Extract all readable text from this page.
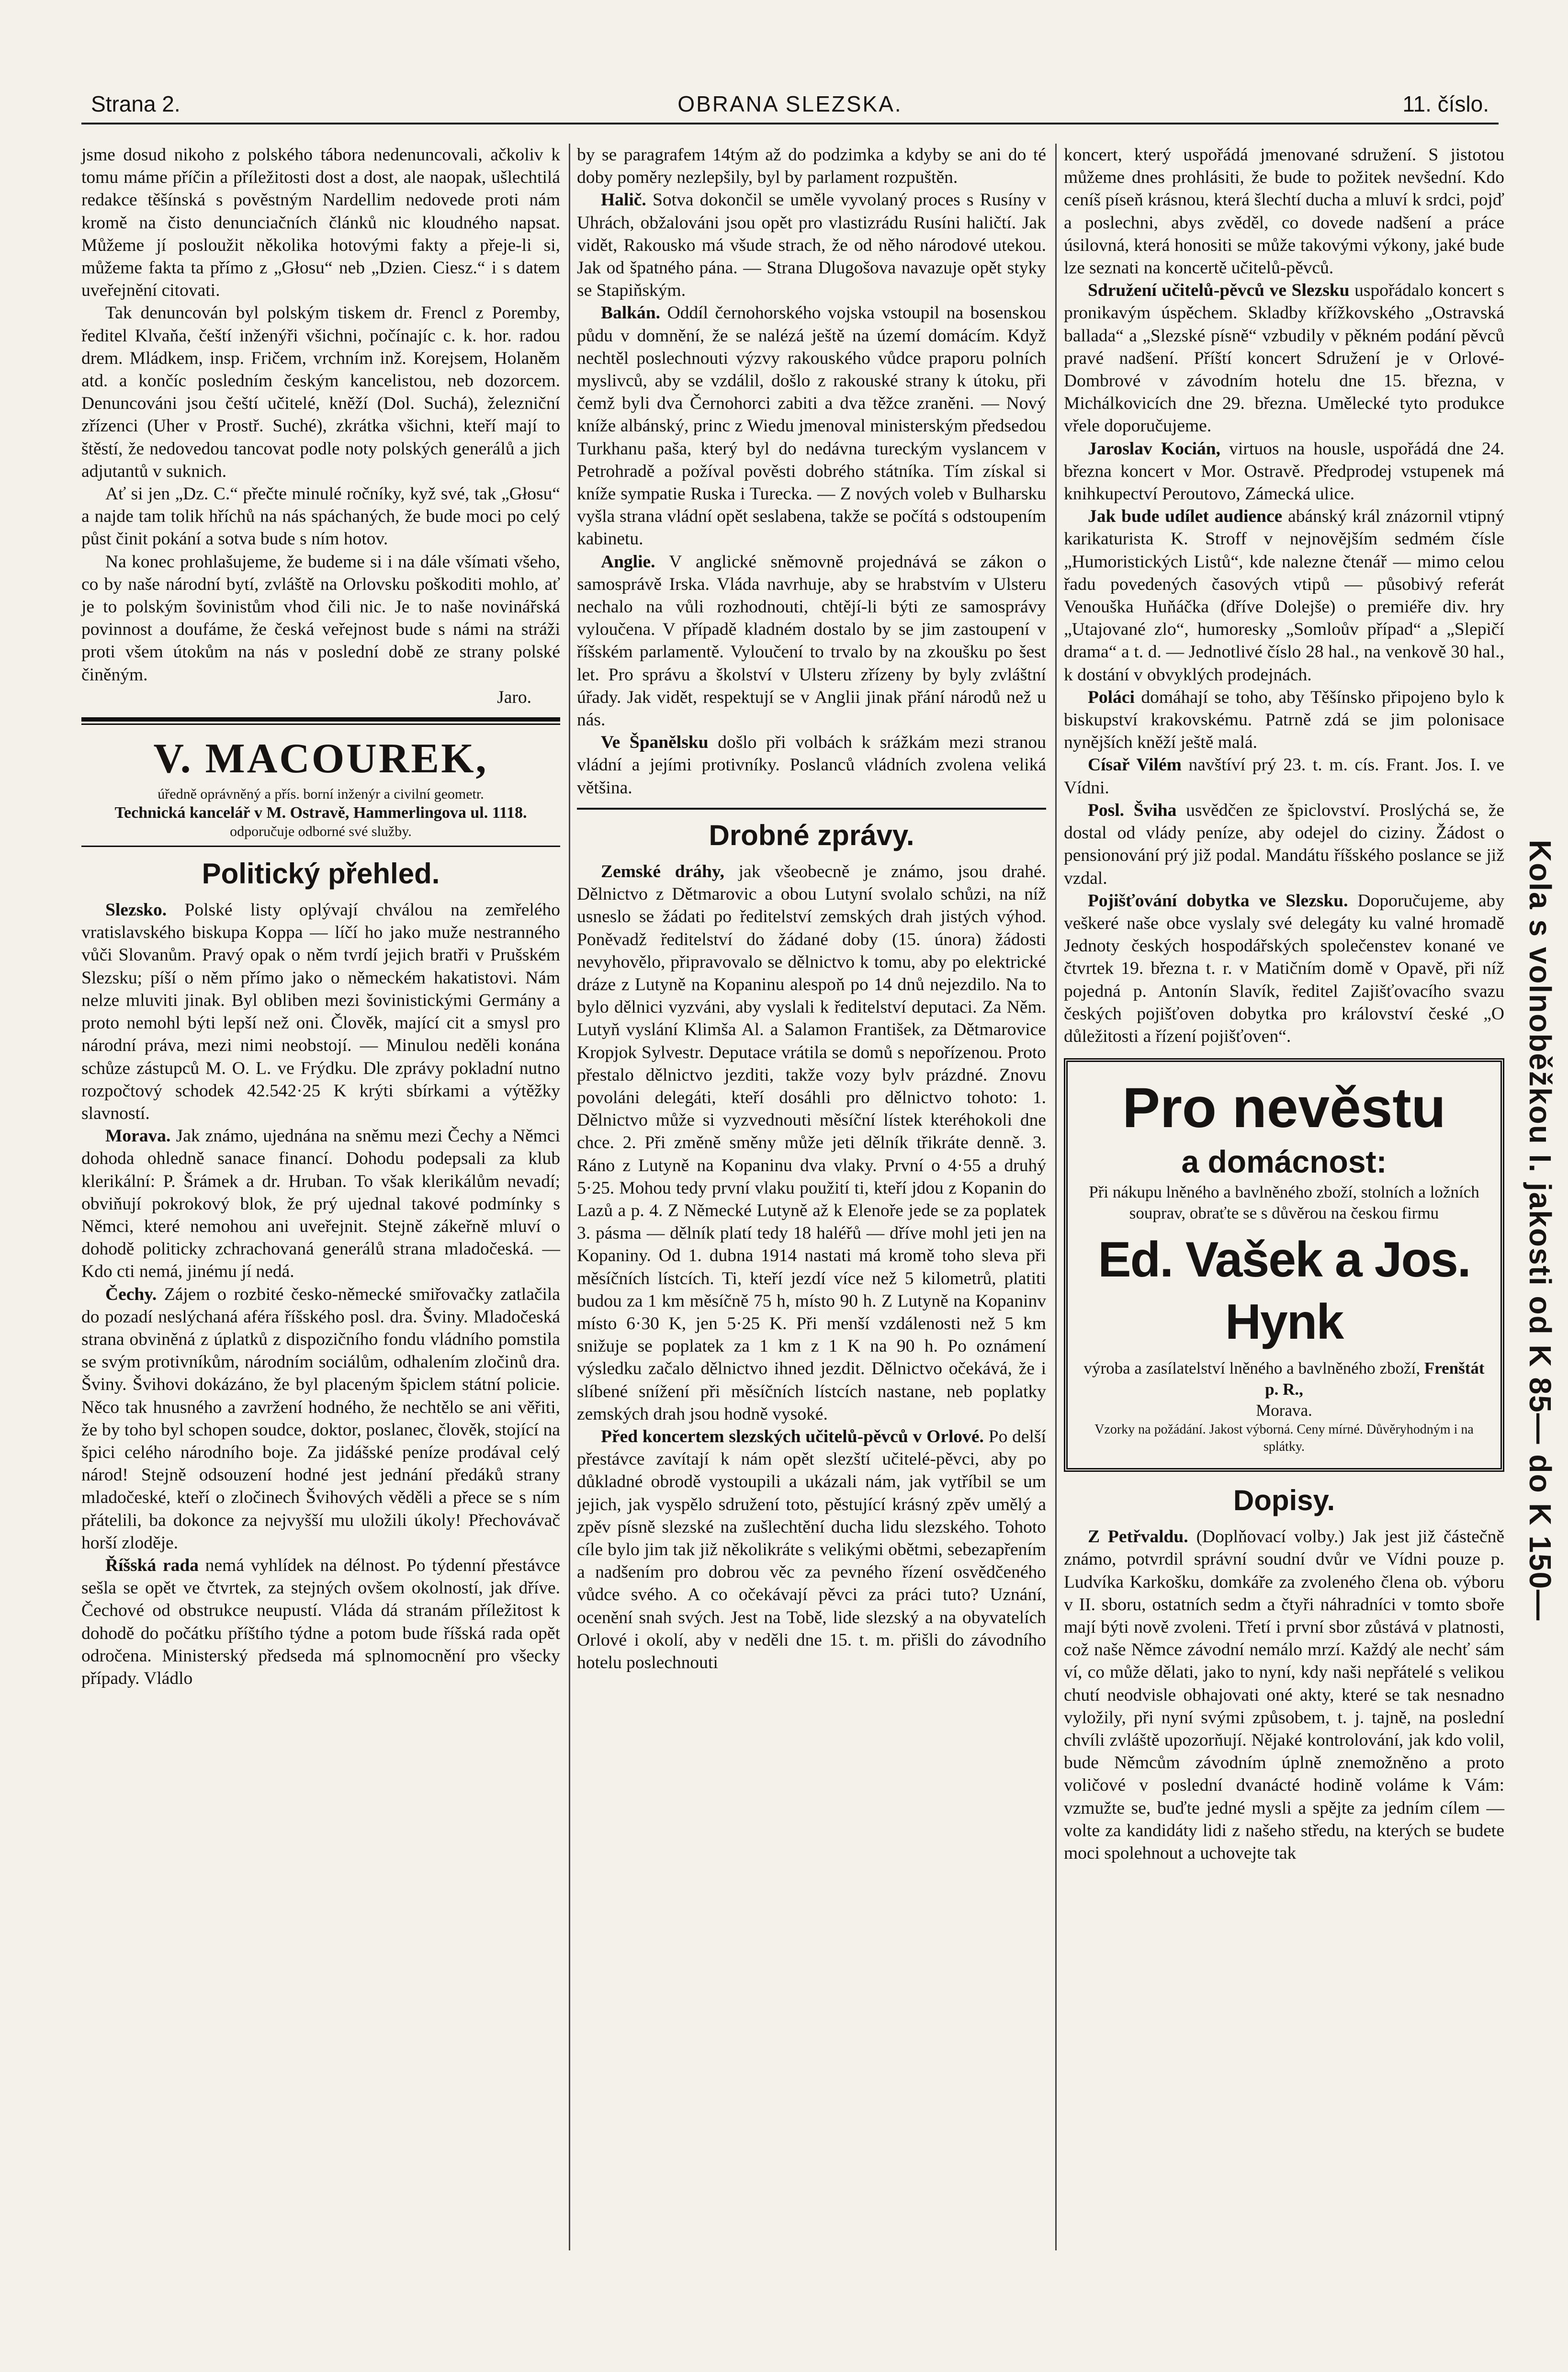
OBRANA SLEZSKA.
Strana 2.	11. číslo.

jsme dosud nikoho z polského tábora nedenuncovali, ačkoliv k tomu máme příčin a příležitosti dost a dost, ale naopak, ušlechtilá redakce těšínská s pověstným Nardellim nedovede proti nám kromě na čisto denunciačních článků nic kloudného napsat. Můžeme jí posloužit několika hotovými fakty a přeje-li si, můžeme fakta ta přímo z „Głosu“ neb „Dzien. Ciesz.“ i s datem uveřejnění citovati.

Tak denuncován byl polským tiskem dr. Frencl z Poremby, ředitel Klvaňa, čeští inženýři všichni, počínajíc c. k. hor. radou drem. Mládkem, insp. Fričem, vrchním inž. Korejsem, Holaněm atd. a končíc posledním českým kancelistou, neb dozorcem. Denuncováni jsou čeští učitelé, kněží (Dol. Suchá), železniční zřízenci (Uher v Prostř. Suché), zkrátka všichni, kteří mají to štěstí, že nedovedou tancovat podle noty polských generálů a jich adjutantů v suknich.

Ať si jen „Dz. C.“ přečte minulé ročníky, kyž své, tak „Głosu“ a najde tam tolik hříchů na nás spáchaných, že bude moci po celý půst činit pokání a sotva bude s ním hotov.

Na konec prohlašujeme, že budeme si i na dále všímati všeho, co by naše národní bytí, zvláště na Orlovsku poškoditi mohlo, ať je to polským šovinistům vhod čili nic. Je to naše novinářská povinnost a doufáme, že česká veřejnost bude s námi na stráži proti všem útokům na nás v poslední době ze strany polské činěným.

Jaro.
V. MACOUREK,
úředně oprávněný a přís. borní inženýr a civilní geometr.
Technická kancelář v M. Ostravě, Hammerlingova ul. 1118.
odporučuje odborné své služby.
Politický přehled.

Slezsko. Polské listy oplývají chválou na zemřelého vratislavského biskupa Koppa — líčí ho jako muže nestranného vůči Slovanům. Pravý opak o něm tvrdí jejich bratři v Prušském Slezsku; píší o něm přímo jako o německém hakatistovi. Nám nelze mluviti jinak. Byl obliben mezi šovinistickými Germány a proto nemohl býti lepší než oni. Člověk, mající cit a smysl pro národní práva, mezi nimi neobstojí. — Minulou neděli konána schůze zástupců M. O. L. ve Frýdku. Dle zprávy pokladní nutno rozpočtový schodek 42.542·25 K krýti sbírkami a výtěžky slavností.

Morava. Jak známo, ujednána na sněmu mezi Čechy a Němci dohoda ohledně sanace financí. Dohodu podepsali za klub klerikální: P. Šrámek a dr. Hruban. To však klerikálům nevadí; obviňují pokrokový blok, že prý ujednal takové podmínky s Němci, které nemohou ani uveřejnit. Stejně zákeřně mluví o dohodě politicky zchrachovaná generálů strana mladočeská. — Kdo cti nemá, jinému jí nedá.

Čechy. Zájem o rozbité česko-německé smiřovačky zatlačila do pozadí neslýchaná aféra říšského posl. dra. Šviny. Mladočeská strana obviněná z úplatků z dispozičního fondu vládního pomstila se svým protivníkům, národním sociálům, odhalením zločinů dra. Šviny. Švihovi dokázáno, že byl placeným špiclem státní policie. Něco tak hnusného a zavržení hodného, že nechtělo se ani věřiti, že by toho byl schopen soudce, doktor, poslanec, člověk, stojící na špici celého národního boje. Za jidášské peníze prodával celý národ! Stejně odsouzení hodné jest jednání předáků strany mladočeské, kteří o zločinech Švihových věděli a přece se s ním přátelili, ba dokonce za nejvyšší mu uložili úkoly! Přechovávač horší zloděje.

Říšská rada nemá vyhlídek na délnost. Po týdenní přestávce sešla se opět ve čtvrtek, za stejných ovšem okolností, jak dříve. Čechové od obstrukce neupustí. Vláda dá stranám příležitost k dohodě do počátku příštího týdne a potom bude říšská rada opět odročena. Ministerský předseda má splnomocnění pro všecky případy. Vládlo

by se paragrafem 14tým až do podzimka a kdyby se ani do té doby poměry nezlepšily, byl by parlament rozpuštěn.

Halič. Sotva dokončil se uměle vyvolaný proces s Rusíny v Uhrách, obžalováni jsou opět pro vlastizrádu Rusíni haličtí. Jak vidět, Rakousko má všude strach, že od něho národové utekou. Jak od špatného pána. — Strana Dlugošova navazuje opět styky se Stapiňským.

Balkán. Oddíl černohorského vojska vstoupil na bosenskou půdu v domnění, že se nalézá ještě na území domácím. Když nechtěl poslechnouti výzvy rakouského vůdce praporu polních myslivců, aby se vzdálil, došlo z rakouské strany k útoku, při čemž byli dva Černohorci zabiti a dva těžce zraněni. — Nový kníže albánský, princ z Wiedu jmenoval ministerským předsedou Turkhanu paša, který byl do nedávna tureckým vyslancem v Petrohradě a požíval pověsti dobrého státníka. Tím získal si kníže sympatie Ruska i Turecka. — Z nových voleb v Bulharsku vyšla strana vládní opět seslabena, takže se počítá s odstoupením kabinetu.

Anglie. V anglické sněmovně projednává se zákon o samosprávě Irska. Vláda navrhuje, aby se hrabstvím v Ulsteru nechalo na vůli rozhodnouti, chtějí-li býti ze samosprávy vyloučena. V případě kladném dostalo by se jim zastoupení v říšském parlamentě. Vyloučení to trvalo by na zkoušku po šest let. Pro správu a školství v Ulsteru zřízeny by byly zvláštní úřady. Jak vidět, respektují se v Anglii jinak přání národů než u nás.

Ve Španělsku došlo při volbách k srážkám mezi stranou vládní a jejími protivníky. Poslanců vládních zvolena veliká většina.

Drobné zprávy.

Zemské dráhy, jak všeobecně je známo, jsou drahé. Dělnictvo z Dětmarovic a obou Lutyní svolalo schůzi, na níž usneslo se žádati po ředitelství zemských drah jistých výhod. Poněvadž ředitelství do žádané doby (15. února) žádosti nevyhovělo, připravovalo se dělnictvo k tomu, aby po elektrické dráze z Lutyně na Kopaninu alespoň po 14 dnů nejezdilo. Na to bylo dělnici vyzváni, aby vyslali k ředitelství deputaci. Za Něm. Lutyň vyslání Klimša Al. a Salamon František, za Dětmarovice Kropjok Sylvestr. Deputace vrátila se domů s nepořízenou. Proto přestalo dělnictvo jezditi, takže vozy bylv prázdné. Znovu povoláni delegáti, kteří dosáhli pro dělnictvo tohoto: 1. Dělnictvo může si vyzvednouti měsíční lístek kteréhokoli dne chce. 2. Při změně směny může jeti dělník třikráte denně. 3. Ráno z Lutyně na Kopaninu dva vlaky. První o 4·55 a druhý 5·25. Mohou tedy první vlaku použití ti, kteří jdou z Kopanin do Lazů a p. 4. Z Německé Lutyně až k Elenoře jede se za poplatek 3. pásma — dělník platí tedy 18 haléřů — dříve mohl jeti jen na Kopaniny. Od 1. dubna 1914 nastati má kromě toho sleva při měsíčních lístcích. Ti, kteří jezdí více než 5 kilometrů, platiti budou za 1 km měsíčně 75 h, místo 90 h. Z Lutyně na Kopaninv místo 6·30 K, jen 5·25 K. Při menší vzdálenosti než 5 km snižuje se poplatek za 1 km z 1 K na 90 h. Po oznámení výsledku začalo dělnictvo ihned jezdit. Dělnictvo očekává, že i slíbené snížení při měsíčních lístcích nastane, neb poplatky zemských drah jsou hodně vysoké.

Před koncertem slezských učitelů-pěvců v Orlové. Po delší přestávce zavítají k nám opět slezští učitelé-pěvci, aby po důkladné obrodě vystoupili a ukázali nám, jak vytříbil se um jejich, jak vyspělo sdružení toto, pěstující krásný zpěv umělý a zpěv písně slezské na zušlechtění ducha lidu slezského. Tohoto cíle bylo jim tak již několikráte s velikými obětmi, sebezapřením a nadšením pro dobrou věc za pevného řízení osvědčeného vůdce svého. A co očekávají pěvci za práci tuto? Uznání, ocenění snah svých. Jest na Tobě, lide slezský a na obyvatelích Orlové i okolí, aby v neděli dne 15. t. m. přišli do závodního hotelu poslechnouti

koncert, který uspořádá jmenované sdružení. S jistotou můžeme dnes prohlásiti, že bude to požitek nevšední. Kdo ceníš píseň krásnou, která šlechtí ducha a mluví k srdci, pojď a poslechni, abys zvěděl, co dovede nadšení a práce úsilovná, která honositi se může takovými výkony, jaké bude lze seznati na koncertě učitelů-pěvců.

Sdružení učitelů-pěvců ve Slezsku uspořádalo koncert s pronikavým úspěchem. Skladby křížkovského „Ostravská ballada“ a „Slezské písně“ vzbudily v pěkném podání pěvců pravé nadšení. Příští koncert Sdružení je v Orlové-Dombrové v závodním hotelu dne 15. března, v Michálkovicích dne 29. března. Umělecké tyto produkce vřele doporučujeme.

Jaroslav Kocián, virtuos na housle, uspořádá dne 24. března koncert v Mor. Ostravě. Předprodej vstupenek má knihkupectví Peroutovo, Zámecká ulice.

Jak bude udílet audience abánský král znázornil vtipný karikaturista K. Stroff v nejnovějším sedmém čísle „Humoristických Listů“, kde nalezne čtenář — mimo celou řadu povedených časových vtipů — působivý referát Venouška Huňáčka (dříve Dolejše) o premiéře div. hry „Utajované zlo“, humoresky „Somloův případ“ a „Slepičí drama“ a t. d. — Jednotlivé číslo 28 hal., na venkově 30 hal., k dostání v obvyklých prodejnách.

Poláci domáhají se toho, aby Těšínsko připojeno bylo k biskupství krakovskému. Patrně zdá se jim polonisace nynějších kněží ještě malá.

Císař Vilém navštíví prý 23. t. m. cís. Frant. Jos. I. ve Vídni.

Posl. Šviha usvědčen ze špiclovství. Proslýchá se, že dostal od vlády peníze, aby odejel do ciziny. Žádost o pensionování prý již podal. Mandátu říšského poslance se již vzdal.

Pojišťování dobytka ve Slezsku. Doporučujeme, aby veškeré naše obce vyslaly své delegáty ku valné hromadě Jednoty českých hospodářských společenstev konané ve čtvrtek 19. března t. r. v Matičním domě v Opavě, při níž pojedná p. Antonín Slavík, ředitel Zajišťovacího svazu českých pojišťoven dobytka pro království české „O důležitosti a řízení pojišťoven“.

Pro nevěstu
a domácnost:
Při nákupu lněného a bavlněného zboží, stolních a ložních souprav, obraťte se s důvěrou na českou firmu
Ed. Vašek a Jos. Hynk
výroba a zasílatelství lněného a bavlněného zboží, Frenštát p. R.,
Morava.
Vzorky na požádání. Jakost výborná. Ceny mírné. Důvěryhodným i na splátky.
Dopisy.

Z Petřvaldu. (Doplňovací volby.) Jak jest již částečně známo, potvrdil správní soudní dvůr ve Vídni pouze p. Ludvíka Karkošku, domkáře za zvoleného člena ob. výboru v II. sboru, ostatních sedm a čtyři náhradníci v tomto sboře mají býti nově zvoleni. Třetí i první sbor zůstává v platnosti, což naše Němce závodní nemálo mrzí. Každý ale nechť sám ví, co může dělati, jako to nyní, kdy naši nepřátelé s velikou chutí neodvisle obhajovati oné akty, které se tak nesnadno vyložily, při nyní svými způsobem, t. j. tajně, na poslední chvíli zvláště upozorňují. Nějaké kontrolování, jak kdo volil, bude Němcům závodním úplně znemožněno a proto voličové v poslední dvanácté hodině voláme k Vám: vzmužte se, buďte jedné mysli a spějte za jedním cílem — volte za kandidáty lidi z našeho středu, na kterých se budete moci spolehnout a uchovejte tak

Kola s volnoběžkou I. jakosti od K 85— do K 150—
